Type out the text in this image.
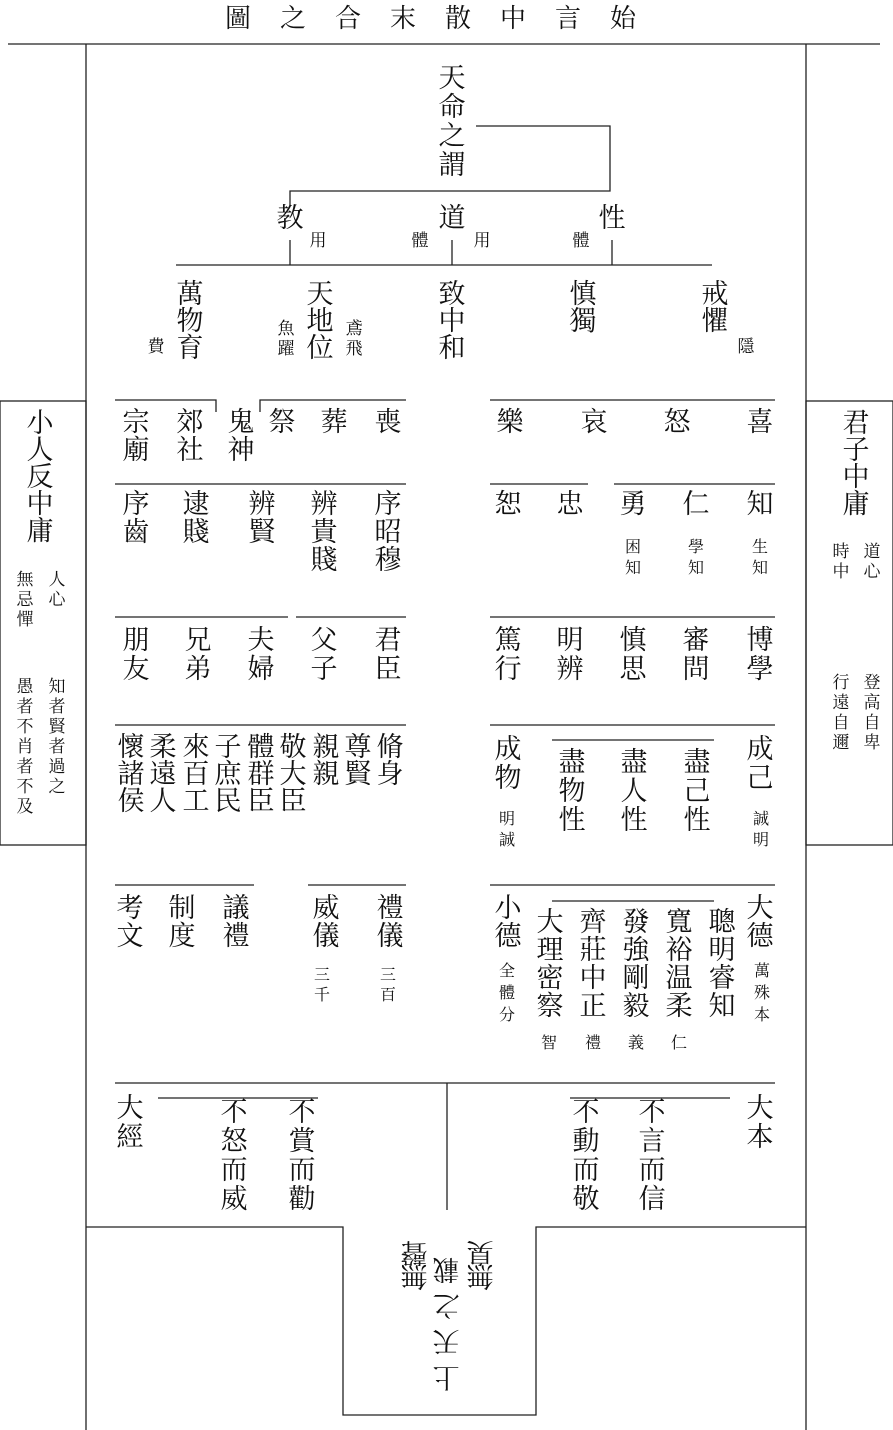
始言中散末合之圖
天命之謂
教	道	性
用	體	用	體
萬物育
費
天地位
魚躍
鳶飛
致中和
慎獨
戒懼
隱
小人反中庸
人心
無忌憚
知者賢者過之
愚者不肖者不及
君子中庸
道心
時中
登高自卑
行遠自邇
宗廟
郊社
鬼神
祭 葬 喪
序齒
逮賤
辨賢
辨貴賤
序昭穆
朋友
兄弟
夫婦
父子
君臣
懷諸侯
柔遠人
來百工
子庶民
體群臣
敬大臣
親親
尊賢
脩身
考文
制度
議禮
威儀
三千
禮儀
三百
大經
不怒而威
不賞而勸
樂 哀 怒 喜
恕 忠 勇 仁 知
困知
學知
生知
篤行
明辨
慎思
審問
博學
成物
明誠
盡物性
盡人性
盡己性
成己
誠明
小德
全體分
大理密察
齊莊中正
發強剛毅
寬裕温柔
聰明睿知
大德
萬殊本
智 禮 義 仁
大本
不動而敬
不言而信
上天之載
無聲
無臭
